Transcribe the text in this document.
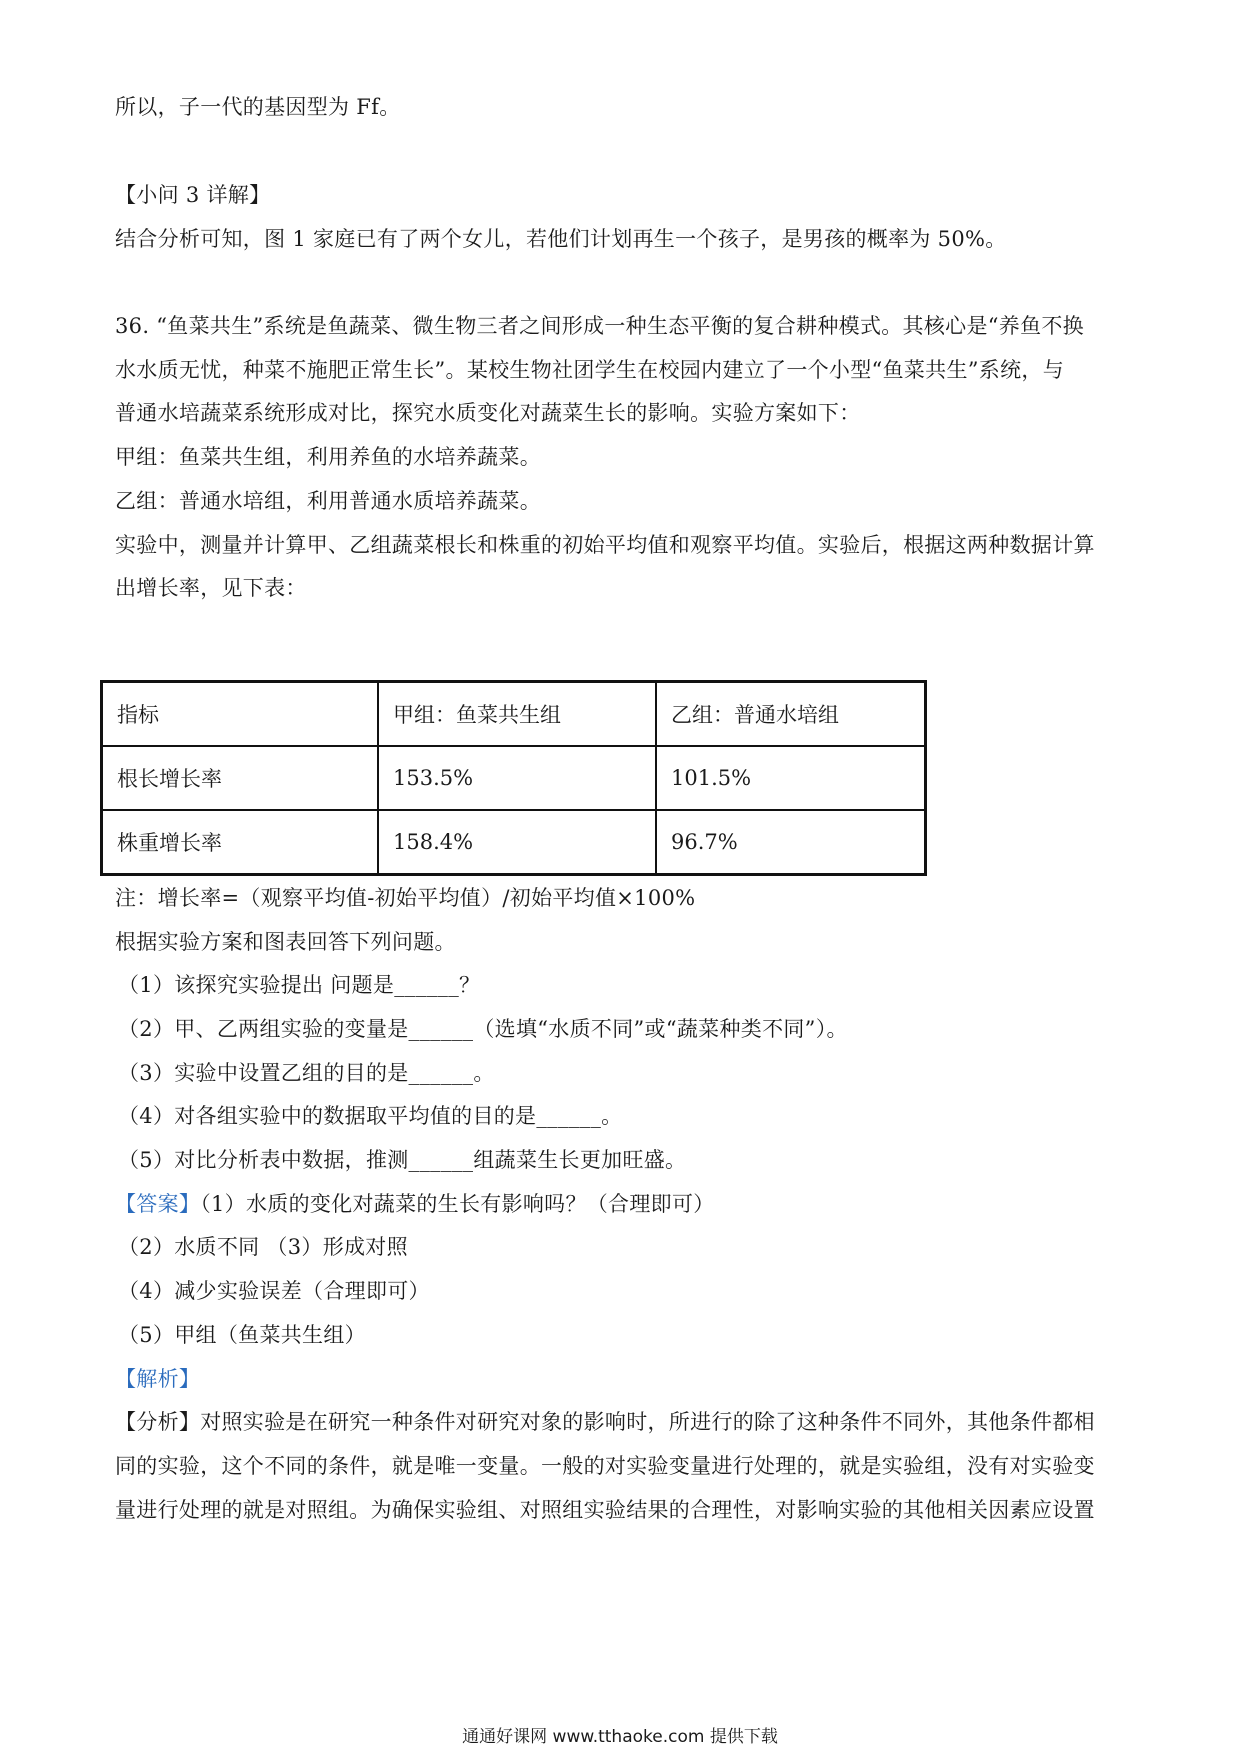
所以，子一代的基因型为 Ff。
【小问 3 详解】
结合分析可知，图 1 家庭已有了两个女儿，若他们计划再生一个孩子，是男孩的概率为 50%。
36. “鱼菜共生”系统是鱼蔬菜、微生物三者之间形成一种生态平衡的复合耕种模式。其核心是“养鱼不换
水水质无忧，种菜不施肥正常生长”。某校生物社团学生在校园内建立了一个小型“鱼菜共生”系统，与
普通水培蔬菜系统形成对比，探究水质变化对蔬菜生长的影响。实验方案如下：
甲组：鱼菜共生组，利用养鱼的水培养蔬菜。
乙组：普通水培组，利用普通水质培养蔬菜。
实验中，测量并计算甲、乙组蔬菜根长和株重的初始平均值和观察平均值。实验后，根据这两种数据计算
出增长率，见下表：
指标	甲组：鱼菜共生组	乙组：普通水培组
根长增长率	153.5%	101.5%
株重增长率	158.4%	96.7%
注：增长率=（观察平均值-初始平均值）/初始平均值×100%
根据实验方案和图表回答下列问题。
（1）该探究实验提出 问题是______？
（2）甲、乙两组实验的变量是______（选填“水质不同”或“蔬菜种类不同”）。
（3）实验中设置乙组的目的是______。
（4）对各组实验中的数据取平均值的目的是______。
（5）对比分析表中数据，推测______组蔬菜生长更加旺盛。
【答案】（1）水质的变化对蔬菜的生长有影响吗？（合理即可）
（2）水质不同 （3）形成对照
（4）减少实验误差（合理即可）
（5）甲组（鱼菜共生组）
【解析】
【分析】对照实验是在研究一种条件对研究对象的影响时，所进行的除了这种条件不同外，其他条件都相
同的实验，这个不同的条件，就是唯一变量。一般的对实验变量进行处理的，就是实验组，没有对实验变
量进行处理的就是对照组。为确保实验组、对照组实验结果的合理性，对影响实验的其他相关因素应设置
通通好课网 www.tthaoke.com 提供下载
